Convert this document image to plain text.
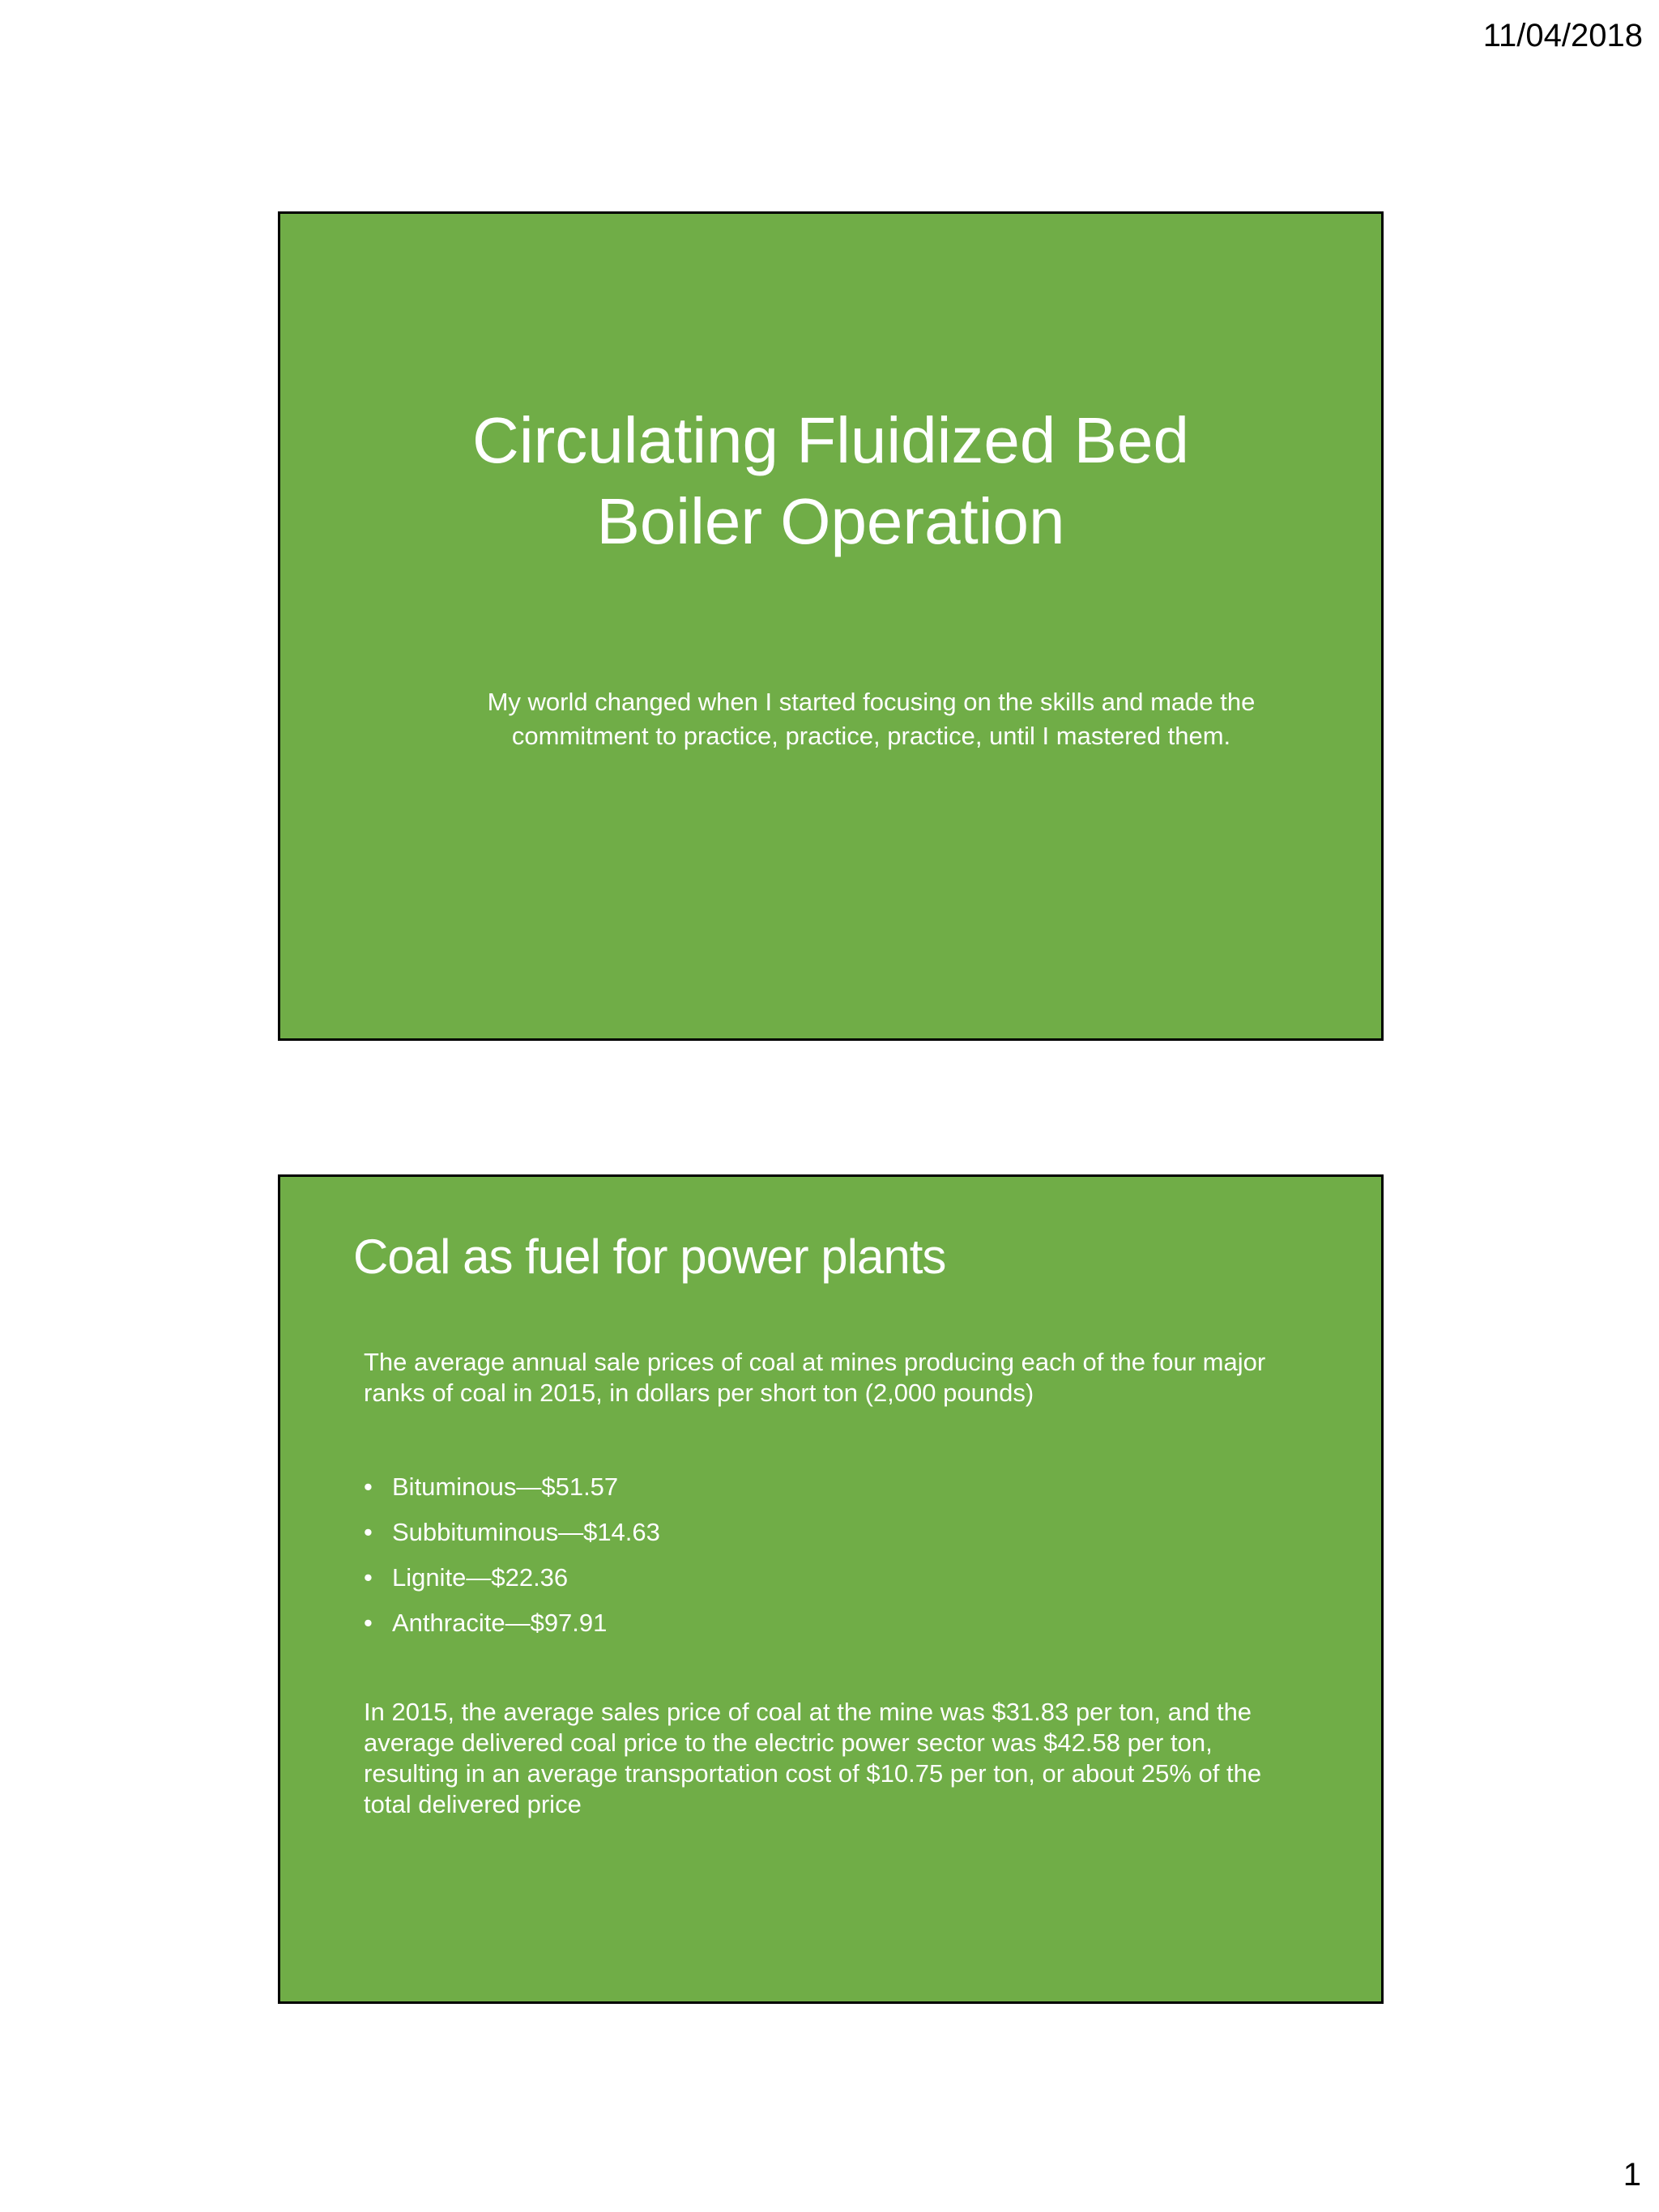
11/04/2018
Circulating Fluidized Bed
Boiler Operation
My world changed when I started focusing on the skills and made the
commitment to practice, practice, practice, until I mastered them.
Coal as fuel for power plants
The average annual sale prices of coal at mines producing each of the four major
ranks of coal in 2015, in dollars per short ton (2,000 pounds)
• Bituminous—$51.57
• Subbituminous—$14.63
• Lignite—$22.36
• Anthracite—$97.91
In 2015, the average sales price of coal at the mine was $31.83 per ton, and the
average delivered coal price to the electric power sector was $42.58 per ton,
resulting in an average transportation cost of $10.75 per ton, or about 25% of the
total delivered price
1
